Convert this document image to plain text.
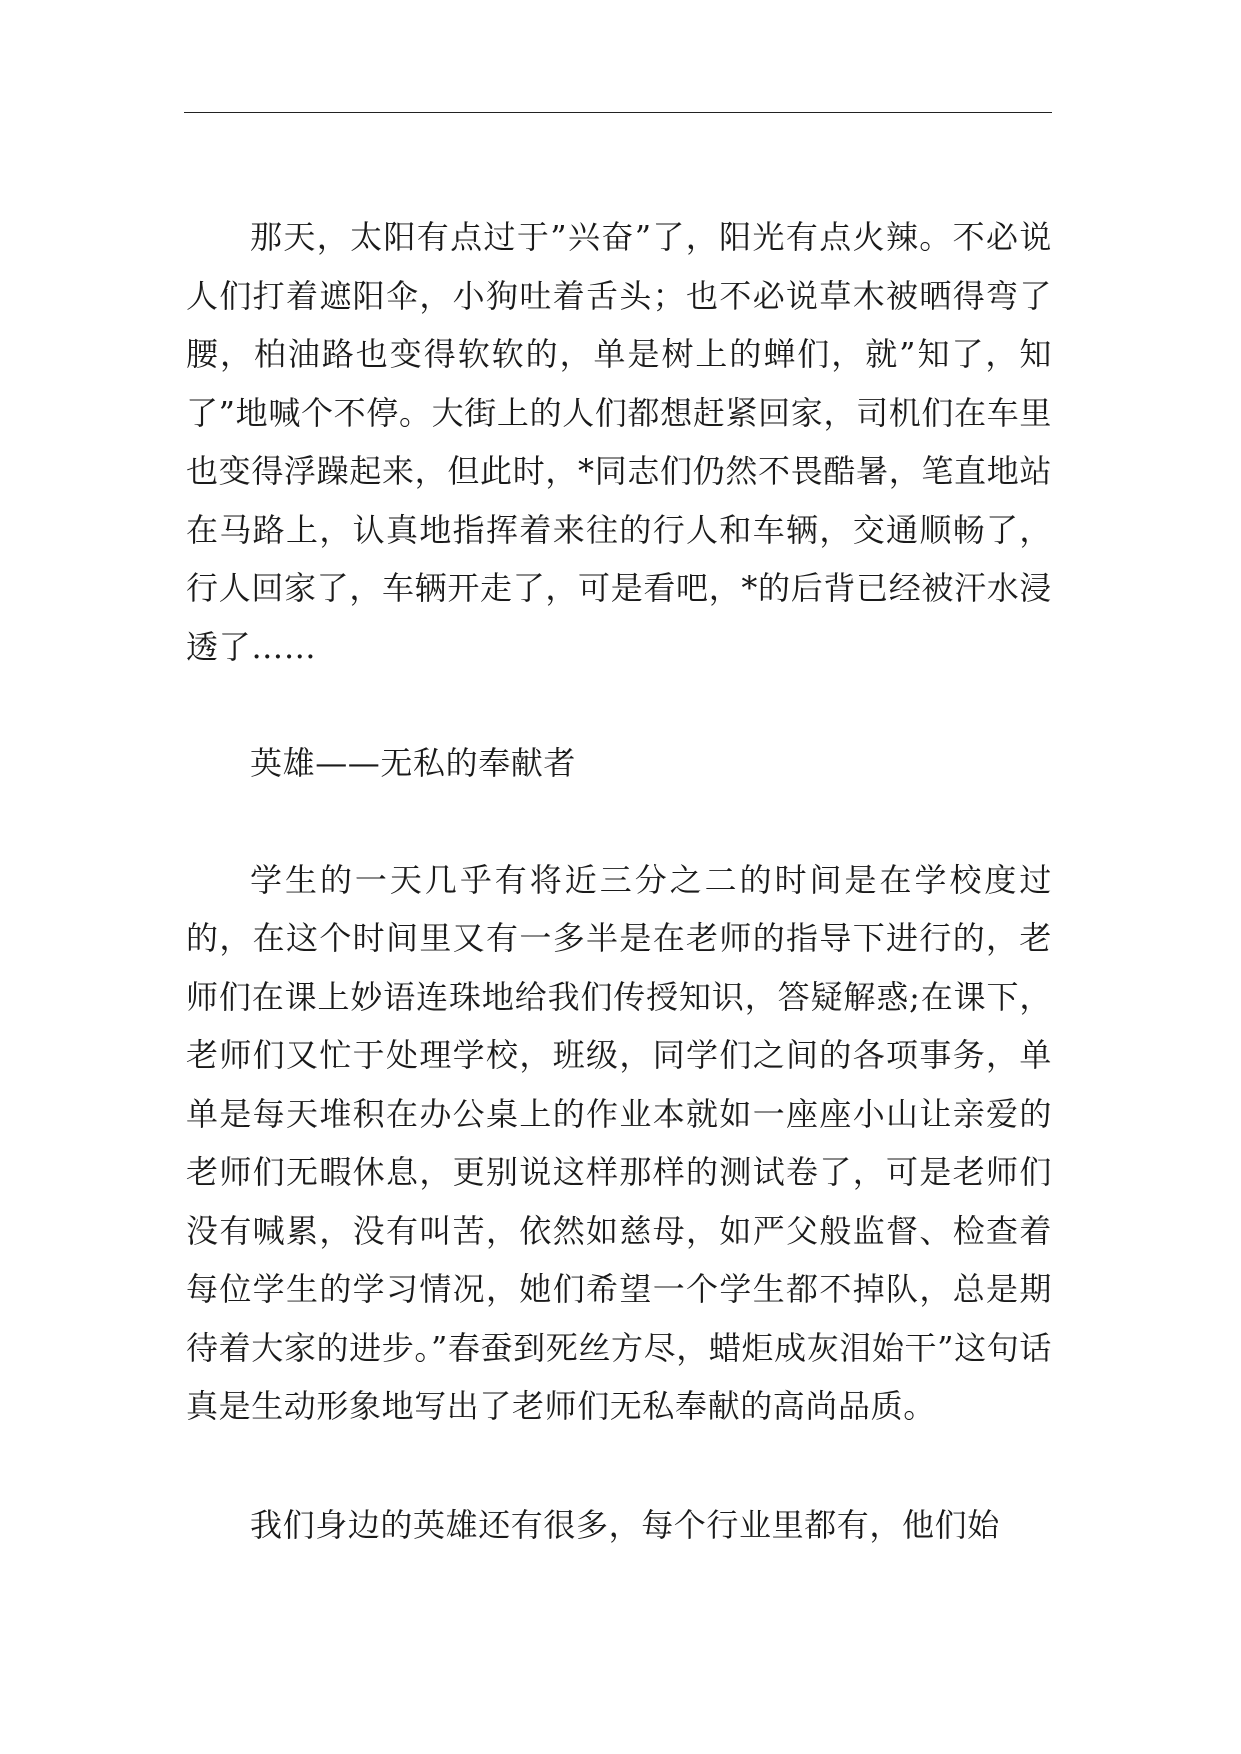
那天，太阳有点过于”兴奋”了，阳光有点火辣。不必说人们打着遮阳伞，小狗吐着舌头；也不必说草木被晒得弯了腰，柏油路也变得软软的，单是树上的蝉们，就”知了，知了”地喊个不停。大街上的人们都想赶紧回家，司机们在车里也变得浮躁起来，但此时，*同志们仍然不畏酷暑，笔直地站在马路上，认真地指挥着来往的行人和车辆，交通顺畅了，行人回家了，车辆开走了，可是看吧，*的后背已经被汗水浸透了……

英雄——无私的奉献者

学生的一天几乎有将近三分之二的时间是在学校度过的，在这个时间里又有一多半是在老师的指导下进行的，老师们在课上妙语连珠地给我们传授知识，答疑解惑;在课下，老师们又忙于处理学校，班级，同学们之间的各项事务，单单是每天堆积在办公桌上的作业本就如一座座小山让亲爱的老师们无暇休息，更别说这样那样的测试卷了，可是老师们没有喊累，没有叫苦，依然如慈母，如严父般监督、检查着每位学生的学习情况，她们希望一个学生都不掉队，总是期待着大家的进步。”春蚕到死丝方尽，蜡炬成灰泪始干”这句话真是生动形象地写出了老师们无私奉献的高尚品质。

我们身边的英雄还有很多，每个行业里都有，他们始
